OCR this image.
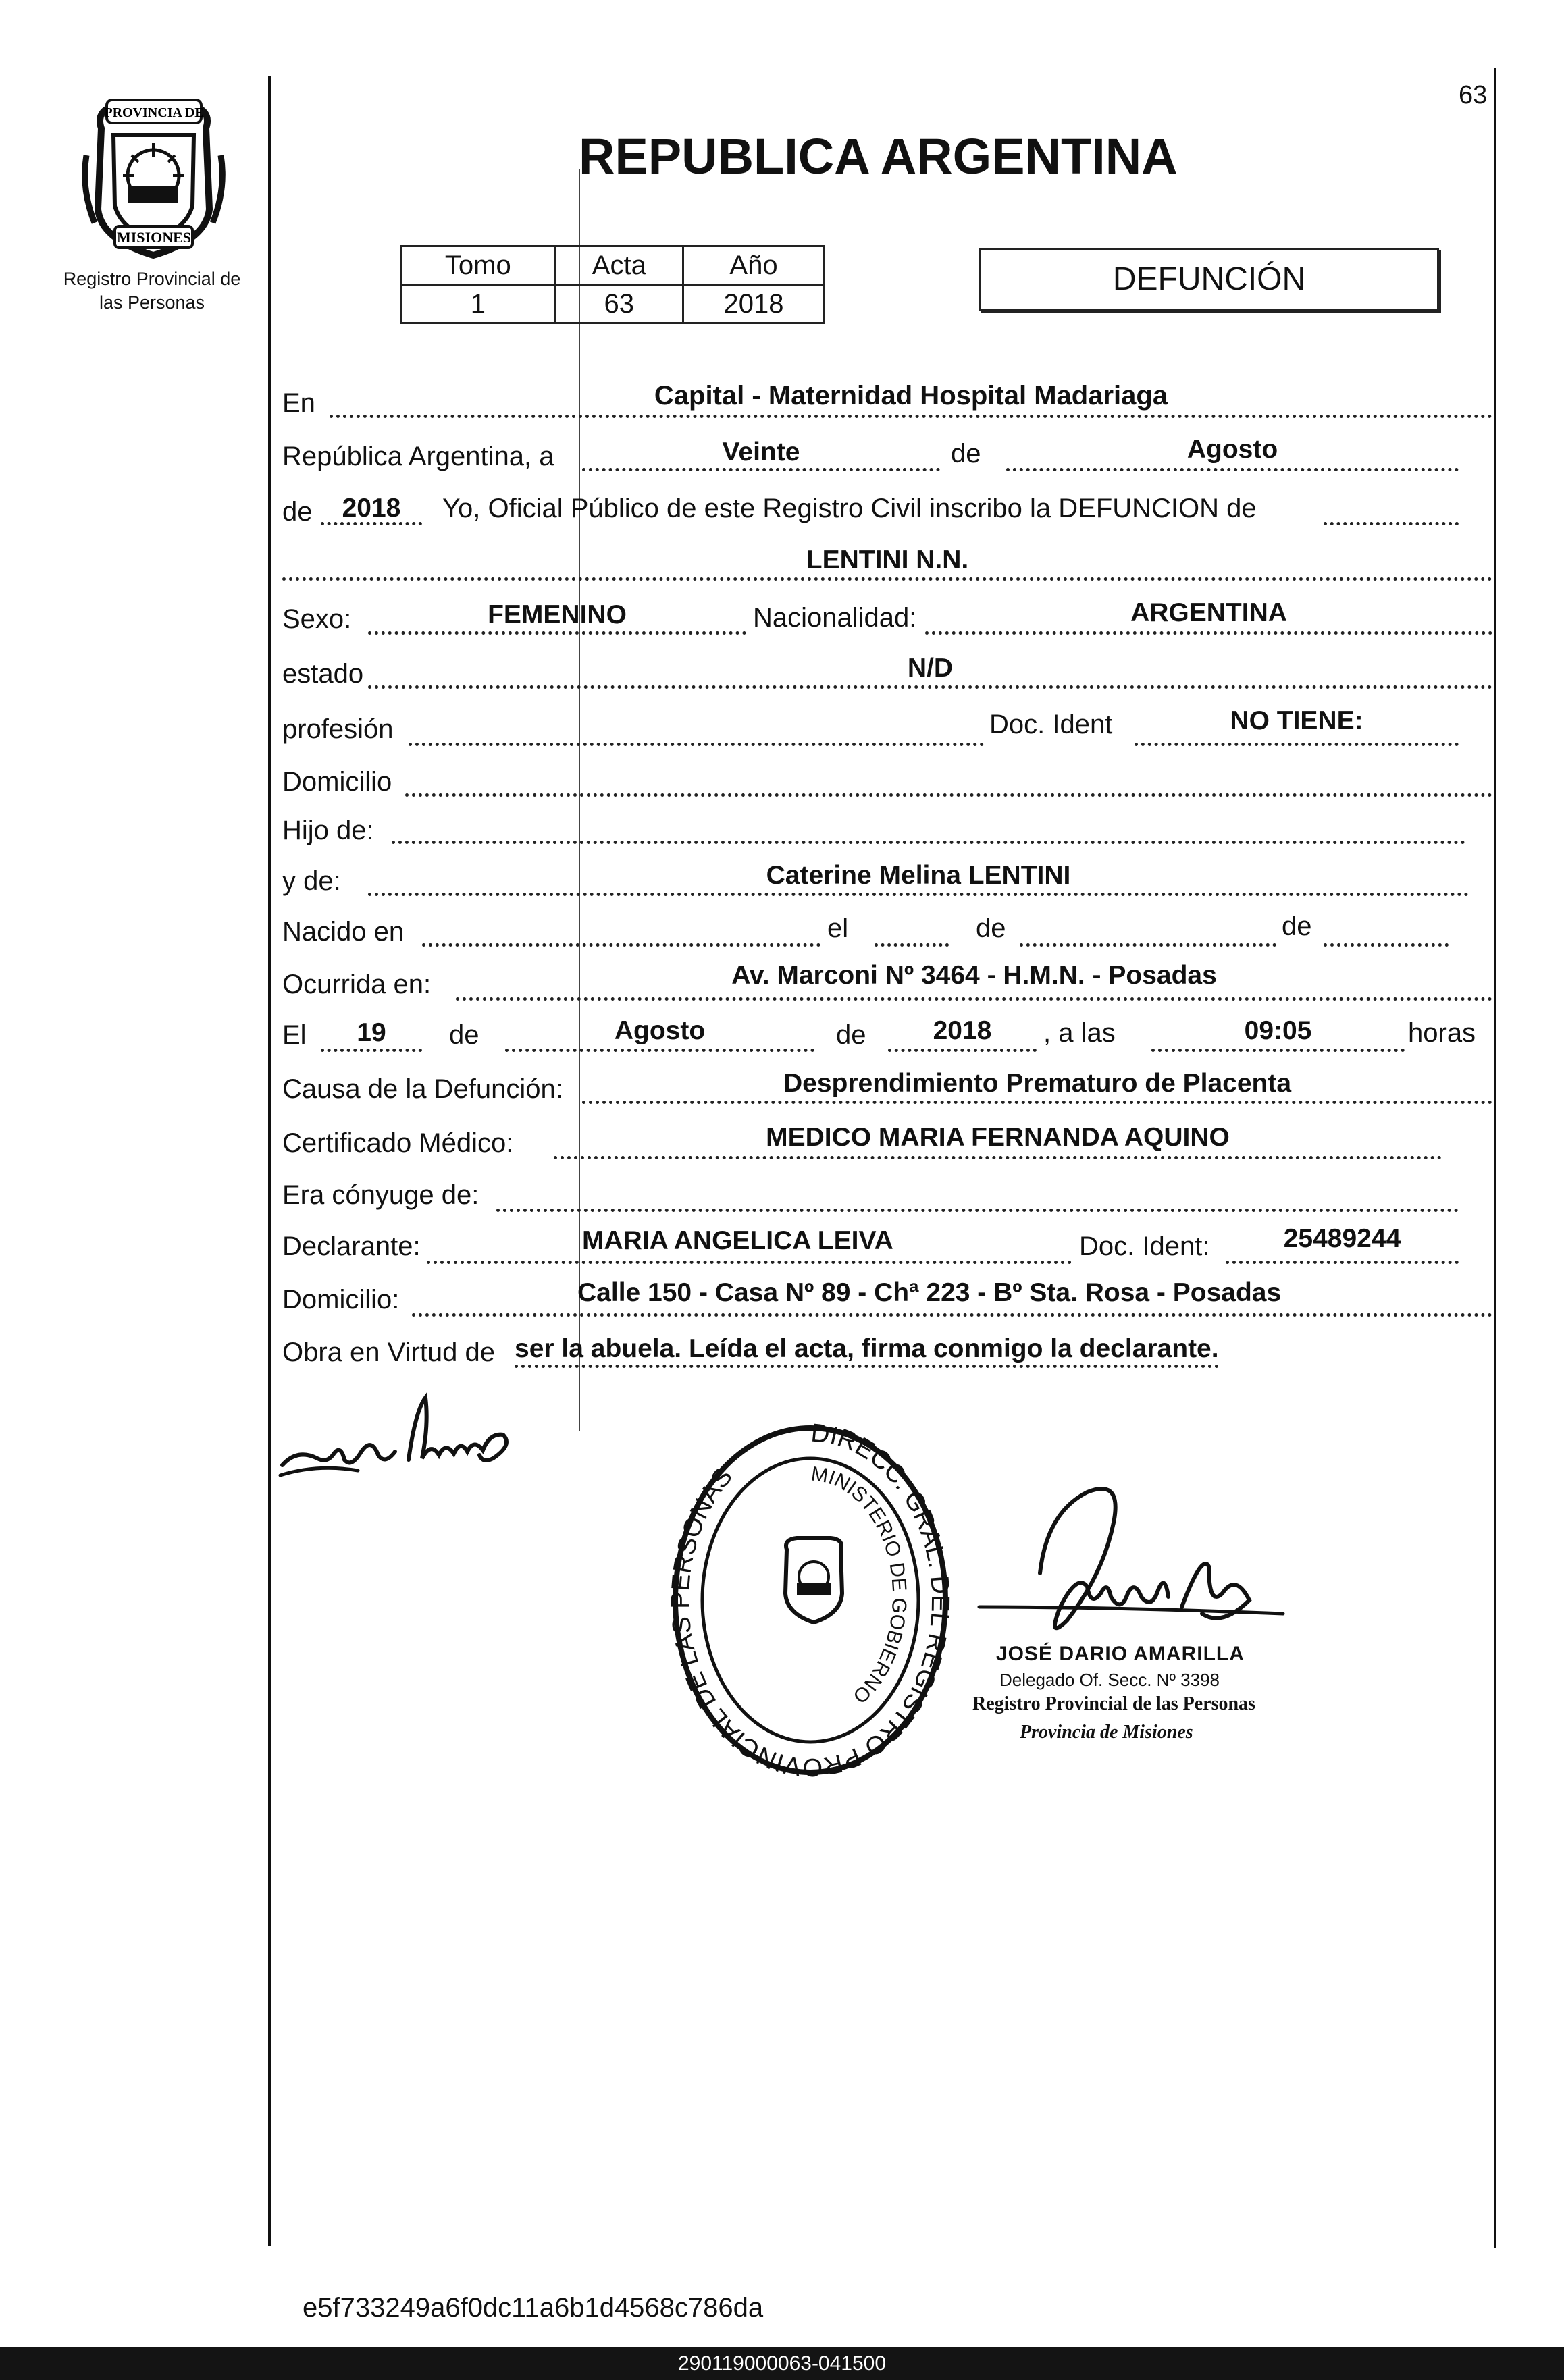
63
PROVINCIA DE
MISIONES
Registro Provincial de
las Personas
REPUBLICA ARGENTINA
Tomo	Acta	Año
1	63	2018
DEFUNCIÓN
En	Capital - Maternidad Hospital Madariaga
República Argentina, a	Veinte	de	Agosto
de	2018	Yo, Oficial Público de este Registro Civil inscribo la DEFUNCION de
LENTINI N.N.
Sexo:	FEMENINO	Nacionalidad:	ARGENTINA
estado	N/D
profesión	Doc. Ident	NO TIENE:
Domicilio
Hijo de:
y de:	Caterine Melina LENTINI
Nacido en	el	de	de
Ocurrida en:	Av. Marconi Nº 3464 - H.M.N. - Posadas
El	19	de	Agosto	de	2018	, a las	09:05	horas
Causa de la Defunción:	Desprendimiento Prematuro de Placenta
Certificado Médico:	MEDICO MARIA FERNANDA AQUINO
Era cónyuge de:
Declarante:	MARIA ANGELICA LEIVA	Doc. Ident:	25489244
Domicilio:	Calle 150 - Casa Nº 89 - Chª 223 - Bº Sta. Rosa - Posadas
Obra en Virtud de ser la abuela. Leída el acta, firma conmigo la declarante.
DIRECC. GRAL. DEL REGISTRO PROVINCIAL DE LAS PERSONAS	MINISTERIO DE GOBIERNO
JOSÉ DARIO AMARILLA
Delegado Of. Secc. Nº 3398
Registro Provincial de las Personas
Provincia de Misiones
e5f733249a6f0dc11a6b1d4568c786da
290119000063-041500
